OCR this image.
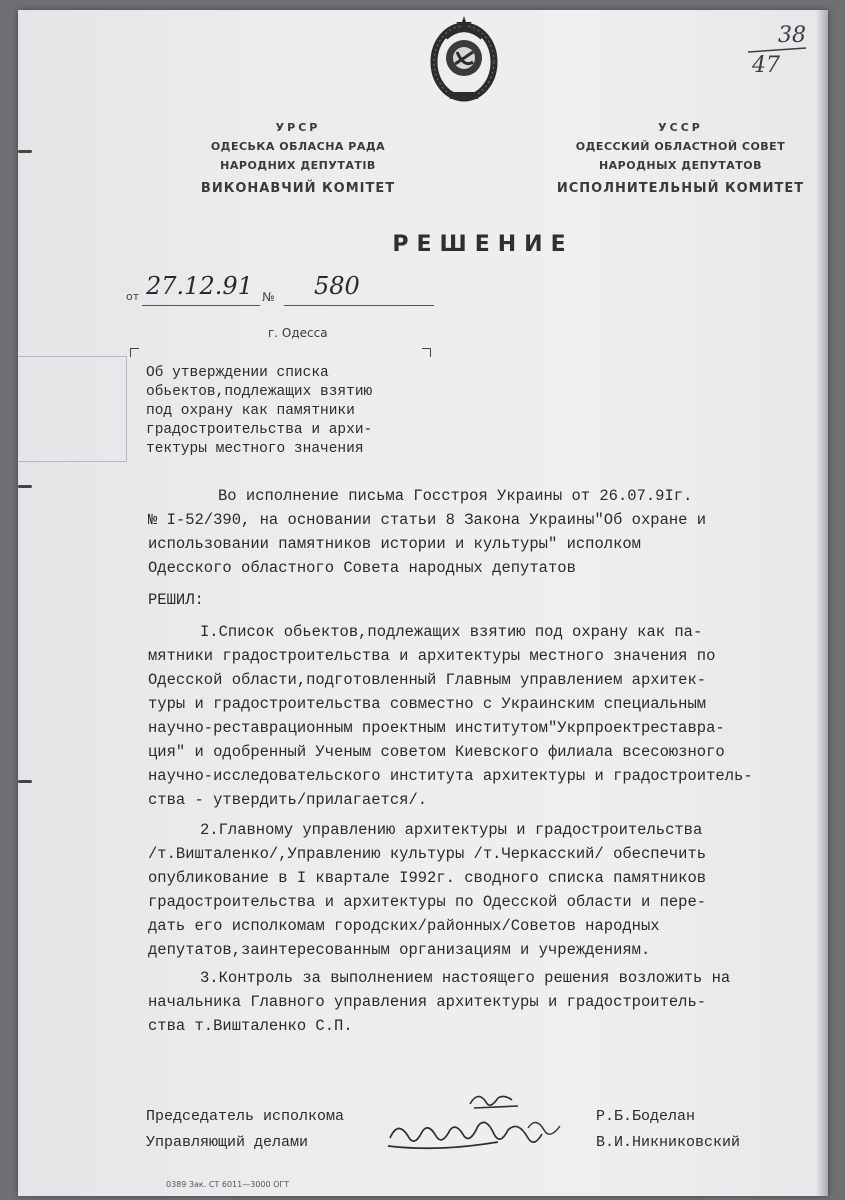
38
47
УРСР
ОДЕСЬКА ОБЛАСНА РАДА
НАРОДНИХ ДЕПУТАТІВ
ВИКОНАВЧИЙ КОМІТЕТ
УССР
ОДЕССКИЙ ОБЛАСТНОЙ СОВЕТ
НАРОДНЫХ ДЕПУТАТОВ
ИСПОЛНИТЕЛЬНЫЙ КОМИТЕТ
РЕШЕНИЕ
от 27.12.91 № 580
г. Одесса
Об утверждении списка
обьектов,подлежащих взятию
под охрану как памятники
градостроительства и архи-
тектуры местного значения
Во исполнение письма Госстроя Украины от 26.07.9Iг.
№ I-52/390, на основании статьи 8 Закона Украины"Об охране и
использовании памятников истории и культуры" исполком
Одесского областного Совета народных депутатов
РЕШИЛ:
I.Список обьектов,подлежащих взятию под охрану как па-
мятники градостроительства и архитектуры местного значения по
Одесской области,подготовленный Главным управлением архитек-
туры и градостроительства совместно с Украинским специальным
научно-реставрационным проектным институтом"Укрпроектреставра-
ция" и одобренный Ученым советом Киевского филиала всесоюзного
научно-исследовательского института архитектуры и градостроитель-
ства - утвердить/прилагается/.
2.Главному управлению архитектуры и градостроительства
/т.Вишталенко/,Управлению культуры /т.Черкасский/ обеспечить
опубликование в I квартале I992г. сводного списка памятников
градостроительства и архитектуры по Одесской области и пере-
дать его исполкомам городских/районных/Советов народных
депутатов,заинтересованным организациям и учреждениям.
3.Контроль за выполнением настоящего решения возложить на
начальника Главного управления архитектуры и градостроитель-
ства т.Вишталенко С.П.
Председатель исполкома	Р.Б.Боделан
Управляющий делами	В.И.Никниковский
0389 Зак. СТ 6011—3000 ОГТ
